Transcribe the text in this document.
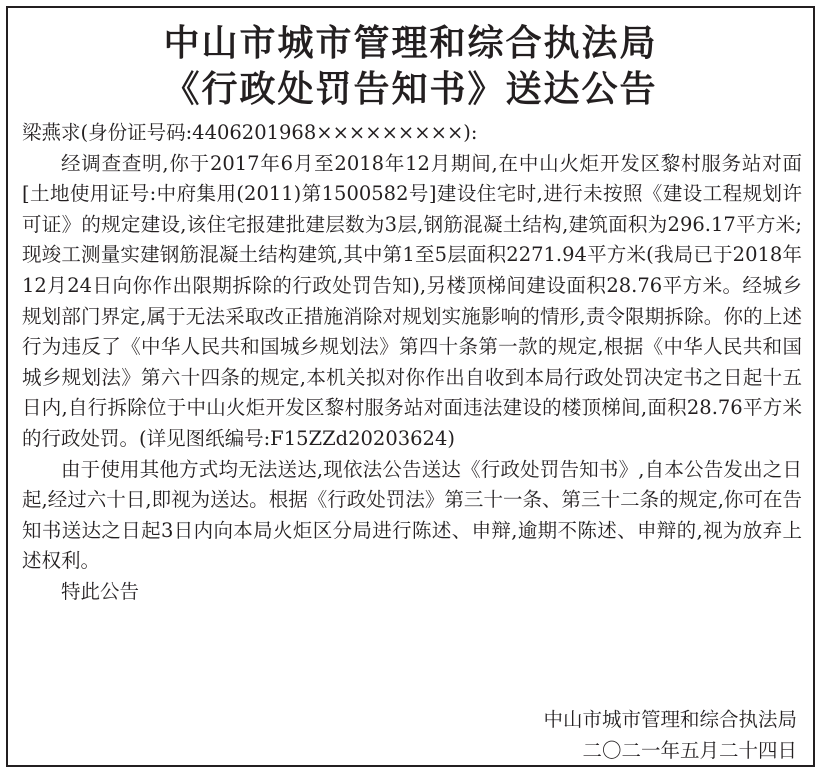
中山市城市管理和综合执法局
《行政处罚告知书》送达公告

梁燕求(身份证号码:4406201968×××××××××):

经调查查明,你于2017年6月至2018年12月期间,在中山火炬开发区黎村服务站对面[土地使用证号:中府集用(2011)第1500582号]建设住宅时,进行未按照《建设工程规划许可证》的规定建设,该住宅报建批建层数为3层,钢筋混凝土结构,建筑面积为296.17平方米;现竣工测量实建钢筋混凝土结构建筑,其中第1至5层面积2271.94平方米(我局已于2018年12月24日向你作出限期拆除的行政处罚告知),另楼顶梯间建设面积28.76平方米。经城乡规划部门界定,属于无法采取改正措施消除对规划实施影响的情形,责令限期拆除。你的上述行为违反了《中华人民共和国城乡规划法》第四十条第一款的规定,根据《中华人民共和国城乡规划法》第六十四条的规定,本机关拟对你作出自收到本局行政处罚决定书之日起十五日内,自行拆除位于中山火炬开发区黎村服务站对面违法建设的楼顶梯间,面积28.76平方米的行政处罚。(详见图纸编号:F15ZZd20203624)

由于使用其他方式均无法送达,现依法公告送达《行政处罚告知书》,自本公告发出之日起,经过六十日,即视为送达。根据《行政处罚法》第三十一条、第三十二条的规定,你可在告知书送达之日起3日内向本局火炬区分局进行陈述、申辩,逾期不陈述、申辩的,视为放弃上述权利。

特此公告

中山市城市管理和综合执法局
二〇二一年五月二十四日
